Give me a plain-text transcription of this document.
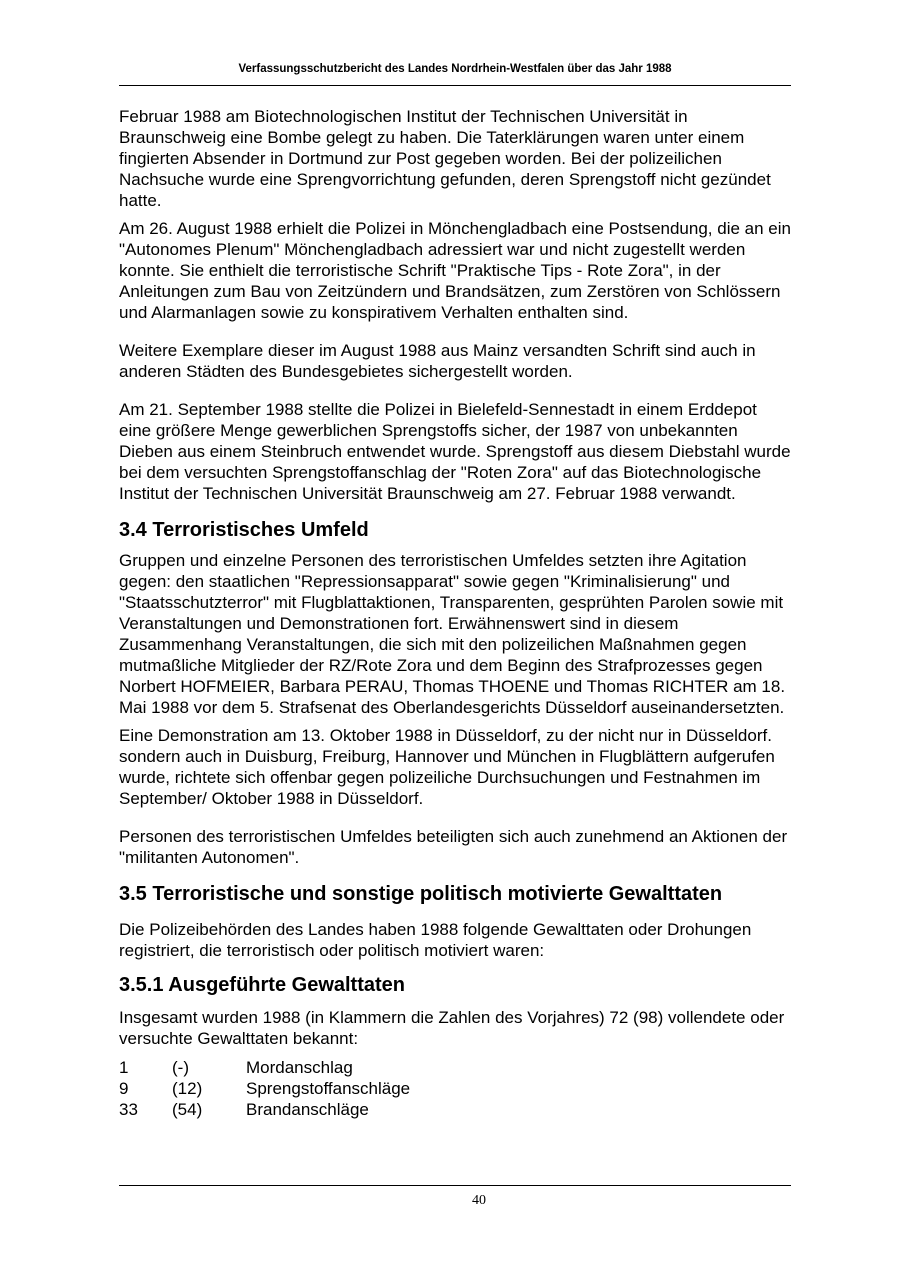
Verfassungsschutzbericht des Landes Nordrhein-Westfalen über das Jahr 1988

Februar 1988 am Biotechnologischen Institut der Technischen Universität in Braunschweig eine Bombe gelegt zu haben. Die Taterklärungen waren unter einem fingierten Absender in Dortmund zur Post gegeben worden. Bei der polizeilichen Nachsuche wurde eine Sprengvorrichtung gefunden, deren Sprengstoff nicht gezündet hatte.

Am 26. August 1988 erhielt die Polizei in Mönchengladbach eine Postsendung, die an ein "Autonomes Plenum" Mönchengladbach adressiert war und nicht zugestellt werden konnte. Sie enthielt die terroristische Schrift "Praktische Tips - Rote Zora", in der Anleitungen zum Bau von Zeitzündern und Brandsätzen, zum Zerstören von Schlössern und Alarmanlagen sowie zu konspirativem Verhalten enthalten sind.

Weitere Exemplare dieser im August 1988 aus Mainz versandten Schrift sind auch in anderen Städten des Bundesgebietes sichergestellt worden.

Am 21. September 1988 stellte die Polizei in Bielefeld-Sennestadt in einem Erddepot eine größere Menge gewerblichen Sprengstoffs sicher, der 1987 von unbekannten Dieben aus einem Steinbruch entwendet wurde. Sprengstoff aus diesem Diebstahl wurde bei dem versuchten Sprengstoffanschlag der "Roten Zora" auf das Biotechnologische Institut der Technischen Universität Braunschweig am 27. Februar 1988 verwandt.

3.4 Terroristisches Umfeld

Gruppen und einzelne Personen des terroristischen Umfeldes setzten ihre Agitation gegen: den staatlichen "Repressionsapparat" sowie gegen "Kriminalisierung" und "Staatsschutzterror" mit Flugblattaktionen, Transparenten, gesprühten Parolen sowie mit Veranstaltungen und Demonstrationen fort. Erwähnenswert sind in diesem Zusammenhang Veranstaltungen, die sich mit den polizeilichen Maßnahmen gegen mutmaßliche Mitglieder der RZ/Rote Zora und dem Beginn des Strafprozesses gegen Norbert HOFMEIER, Barbara PERAU, Thomas THOENE und Thomas RICHTER am 18. Mai 1988 vor dem 5. Strafsenat des Oberlandesgerichts Düsseldorf auseinandersetzten.

Eine Demonstration am 13. Oktober 1988 in Düsseldorf, zu der nicht nur in Düsseldorf. sondern auch in Duisburg, Freiburg, Hannover und München in Flugblättern aufgerufen wurde, richtete sich offenbar gegen polizeiliche Durchsuchungen und Festnahmen im September/ Oktober 1988 in Düsseldorf.

Personen des terroristischen Umfeldes beteiligten sich auch zunehmend an Aktionen der "militanten Autonomen".

3.5 Terroristische und sonstige politisch motivierte Gewalttaten

Die Polizeibehörden des Landes haben 1988 folgende Gewalttaten oder Drohungen registriert, die terroristisch oder politisch motiviert waren:

3.5.1 Ausgeführte Gewalttaten

Insgesamt wurden 1988 (in Klammern die Zahlen des Vorjahres) 72 (98) vollendete oder versuchte Gewalttaten bekannt:

1	(-)	Mordanschlag
9	(12)	Sprengstoffanschläge
33	(54)	Brandanschläge
40
